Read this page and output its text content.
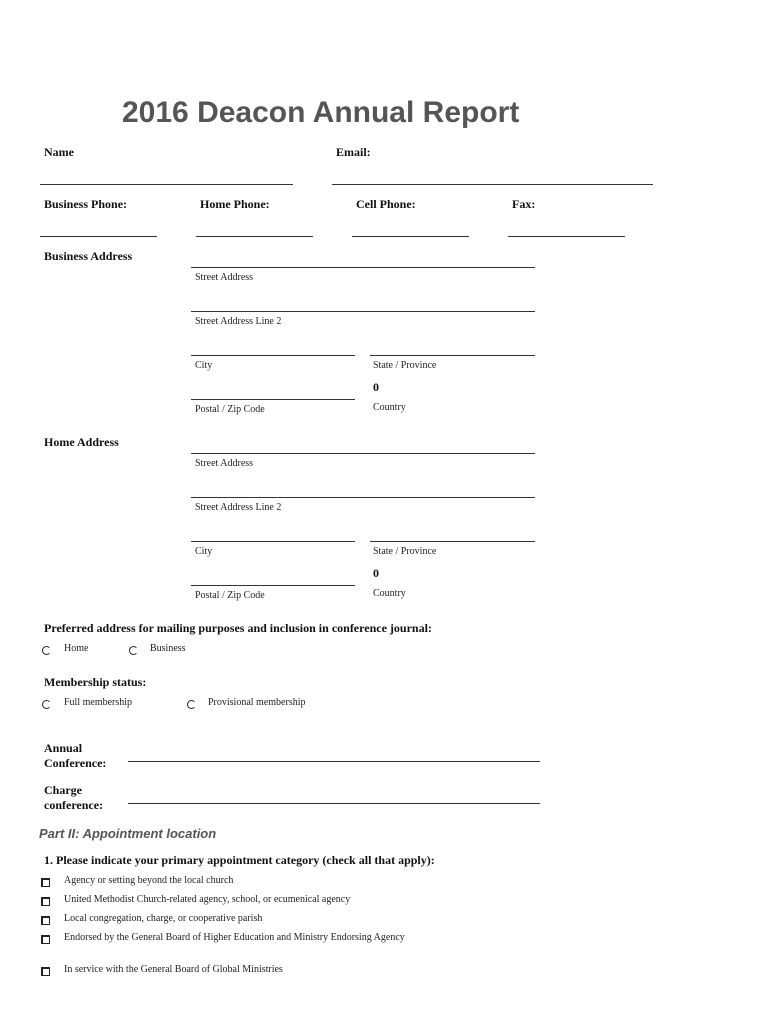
2016 Deacon Annual Report
Name	Email:
Business Phone:	Home Phone:	Cell Phone:	Fax:
Business Address
Street Address
Street Address Line 2
City	State / Province
0
Postal / Zip Code	Country
Home Address
Street Address
Street Address Line 2
City	State / Province
0
Postal / Zip Code	Country
Preferred address for mailing purposes and inclusion in conference journal:
Home	Business
Membership status:
Full membership	Provisional membership
Annual
Conference:
Charge
conference:
Part II: Appointment location
1. Please indicate your primary appointment category (check all that apply):
Agency or setting beyond the local church
United Methodist Church-related agency, school, or ecumenical agency
Local congregation, charge, or cooperative parish
Endorsed by the General Board of Higher Education and Ministry Endorsing Agency
In service with the General Board of Global Ministries
